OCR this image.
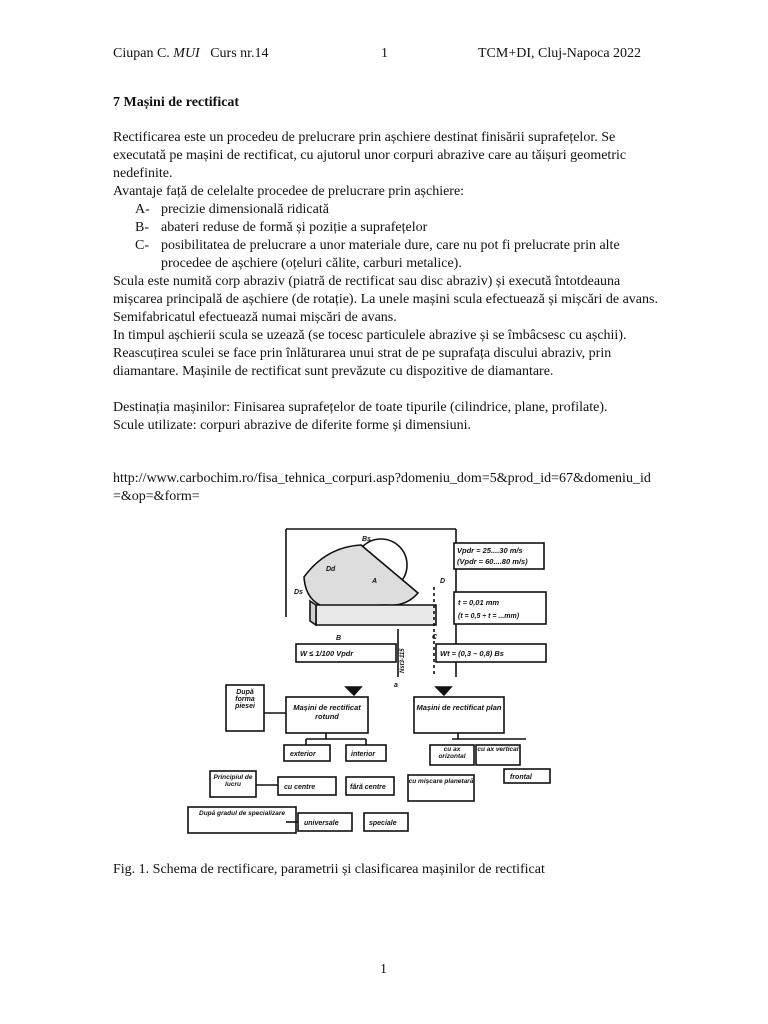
Ciupan C. MUI Curs nr.14	1	TCM+DI, Cluj-Napoca 2022
7 Mașini de rectificat

Rectificarea este un procedeu de prelucrare prin așchiere destinat finisării suprafețelor. Se executată pe mașini de rectificat, cu ajutorul unor corpuri abrazive care au tăișuri geometric nedefinite.

Avantaje față de celelalte procedee de prelucrare prin așchiere:

A- precizie dimensională ridicată
B- abateri reduse de formă și poziție a suprafețelor
C- posibilitatea de prelucrare a unor materiale dure, care nu pot fi prelucrate prin alte procedee de așchiere (oțeluri călite, carburi metalice).

Scula este numită corp abraziv (piatră de rectificat sau disc abraziv) și execută întotdeauna mișcarea principală de așchiere (de rotație). La unele mașini scula efectuează și mișcări de avans.

Semifabricatul efectuează numai mișcări de avans.

In timpul așchierii scula se uzează (se tocesc particulele abrazive și se îmbâcsesc cu așchii).

Reascuțirea sculei se face prin înlăturarea unui strat de pe suprafața discului abraziv, prin diamantare. Mașinile de rectificat sunt prevăzute cu dispozitive de diamantare.

Destinația mașinilor: Finisarea suprafețelor de toate tipurile (cilindrice, plane, profilate).

Scule utilizate: corpuri abrazive de diferite forme și dimensiuni.

http://www.carbochim.ro/fisa_tehnica_corpuri.asp?domeniu_dom=5&prod_id=67&domeniu_id=&op=&form=
Vpdr = 25....30 m/s
(Vpdr = 60....80 m/s)
Bs
Ds
Dd
D
A
B	C
a
t = 0,01 mm
(t = 0,5 ÷ t = ...mm)
W ≤ 1/100 Vpdr	Wt = (0,3 – 0,8) Bs
Nst3-115
După forma piesei	Mașini de rectificat rotund
Mașini de rectificat plan
exterior	interior
cu ax orizontal
cu ax vertical
frontal
Principiul de lucru	cu centre	fără centre
cu mișcare planetară
După gradul de specializare
universale	speciale
Fig. 1. Schema de rectificare, parametrii și clasificarea mașinilor de rectificat
1
